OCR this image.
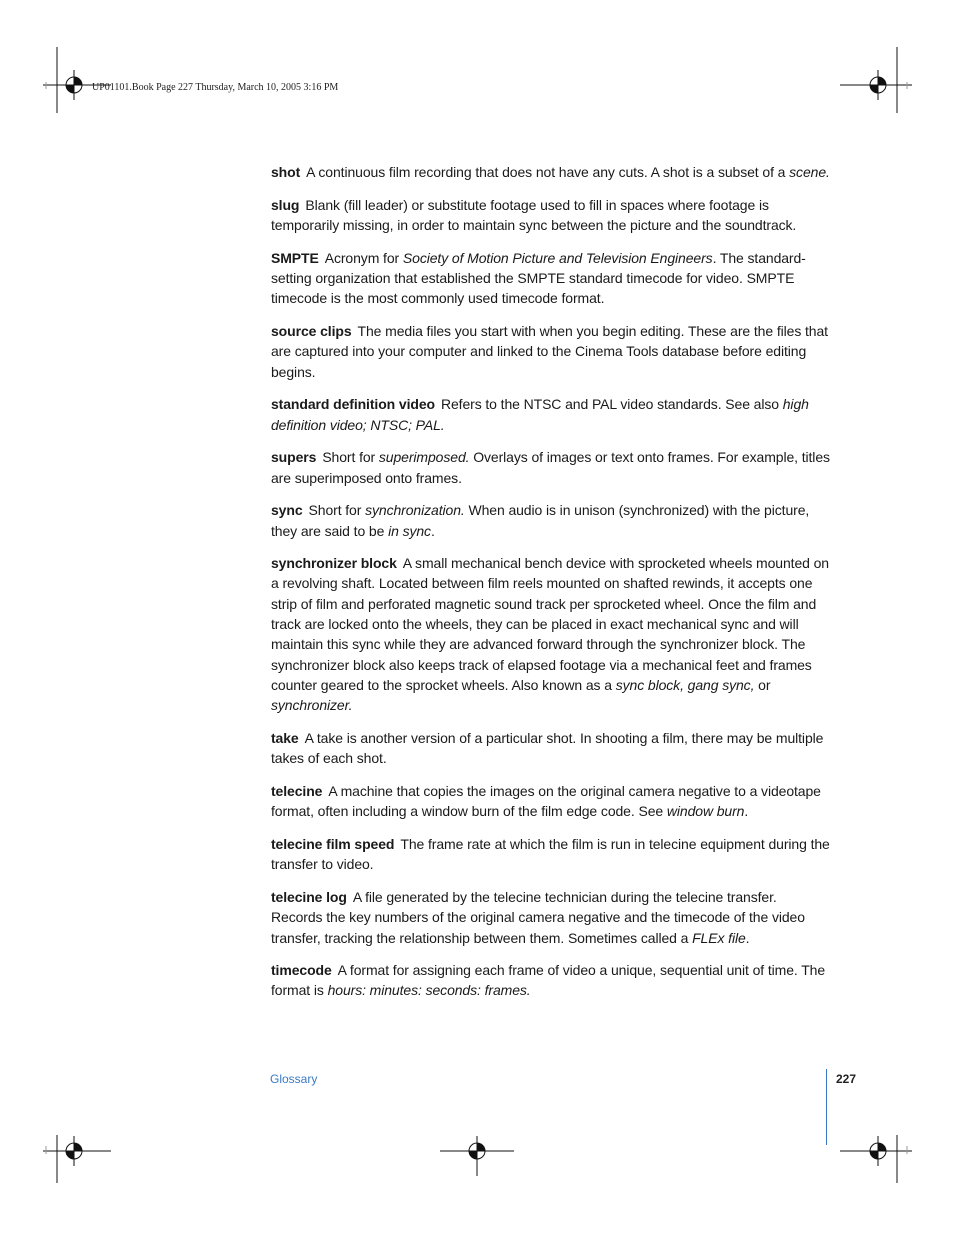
UP01101.Book Page 227 Thursday, March 10, 2005 3:16 PM

shot A continuous film recording that does not have any cuts. A shot is a subset of a scene.

slug Blank (fill leader) or substitute footage used to fill in spaces where footage is temporarily missing, in order to maintain sync between the picture and the soundtrack.

SMPTE Acronym for Society of Motion Picture and Television Engineers. The standard-setting organization that established the SMPTE standard timecode for video. SMPTE timecode is the most commonly used timecode format.

source clips The media files you start with when you begin editing. These are the files that are captured into your computer and linked to the Cinema Tools database before editing begins.

standard definition video Refers to the NTSC and PAL video standards. See also high definition video; NTSC; PAL.

supers Short for superimposed. Overlays of images or text onto frames. For example, titles are superimposed onto frames.

sync Short for synchronization. When audio is in unison (synchronized) with the picture, they are said to be in sync.

synchronizer block A small mechanical bench device with sprocketed wheels mounted on a revolving shaft. Located between film reels mounted on shafted rewinds, it accepts one strip of film and perforated magnetic sound track per sprocketed wheel. Once the film and track are locked onto the wheels, they can be placed in exact mechanical sync and will maintain this sync while they are advanced forward through the synchronizer block. The synchronizer block also keeps track of elapsed footage via a mechanical feet and frames counter geared to the sprocket wheels. Also known as a sync block, gang sync, or synchronizer.

take A take is another version of a particular shot. In shooting a film, there may be multiple takes of each shot.

telecine A machine that copies the images on the original camera negative to a videotape format, often including a window burn of the film edge code. See window burn.

telecine film speed The frame rate at which the film is run in telecine equipment during the transfer to video.

telecine log A file generated by the telecine technician during the telecine transfer. Records the key numbers of the original camera negative and the timecode of the video transfer, tracking the relationship between them. Sometimes called a FLEx file.

timecode A format for assigning each frame of video a unique, sequential unit of time. The format is hours: minutes: seconds: frames.

Glossary	227
